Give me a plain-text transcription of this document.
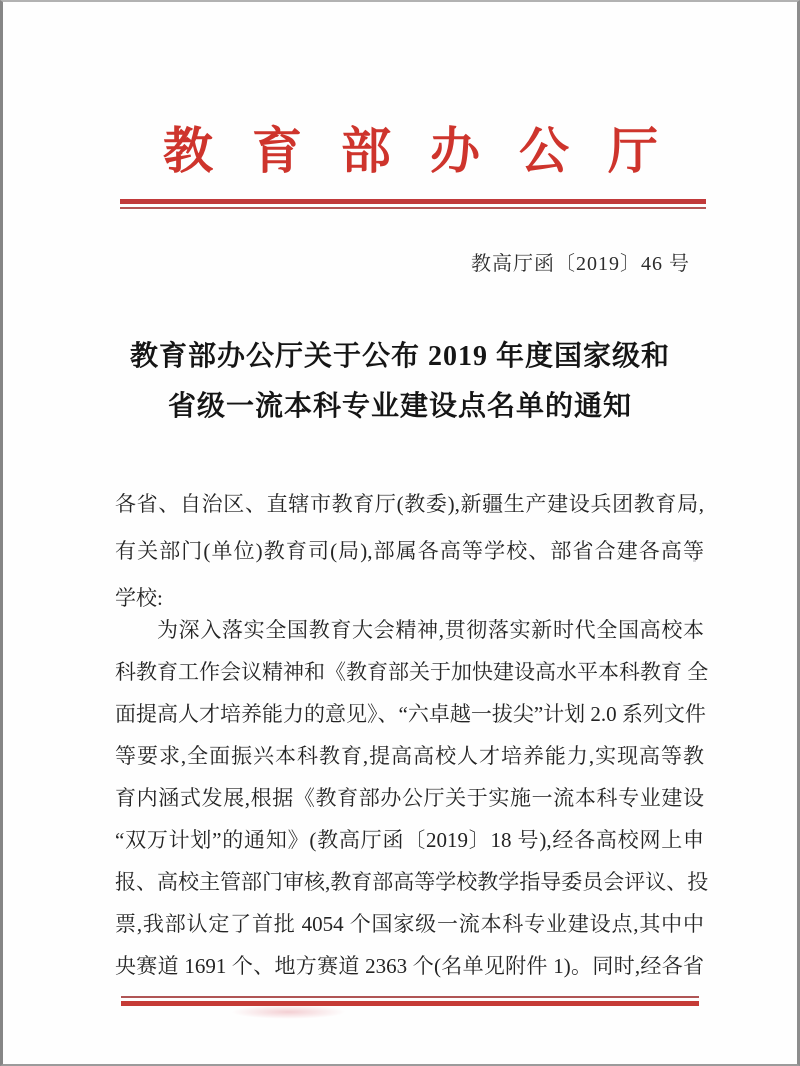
教育部办公厅
教高厅函〔2019〕46 号
教育部办公厅关于公布 2019 年度国家级和
省级一流本科专业建设点名单的通知
各省、自治区、直辖市教育厅(教委),新疆生产建设兵团教育局,
有关部门(单位)教育司(局),部属各高等学校、部省合建各高等
学校:
为深入落实全国教育大会精神,贯彻落实新时代全国高校本
科教育工作会议精神和《教育部关于加快建设高水平本科教育 全
面提高人才培养能力的意见》、“六卓越一拔尖”计划 2.0 系列文件
等要求,全面振兴本科教育,提高高校人才培养能力,实现高等教
育内涵式发展,根据《教育部办公厅关于实施一流本科专业建设
“双万计划”的通知》(教高厅函〔2019〕18 号),经各高校网上申
报、高校主管部门审核,教育部高等学校教学指导委员会评议、投
票,我部认定了首批 4054 个国家级一流本科专业建设点,其中中
央赛道 1691 个、地方赛道 2363 个(名单见附件 1)。同时,经各省
